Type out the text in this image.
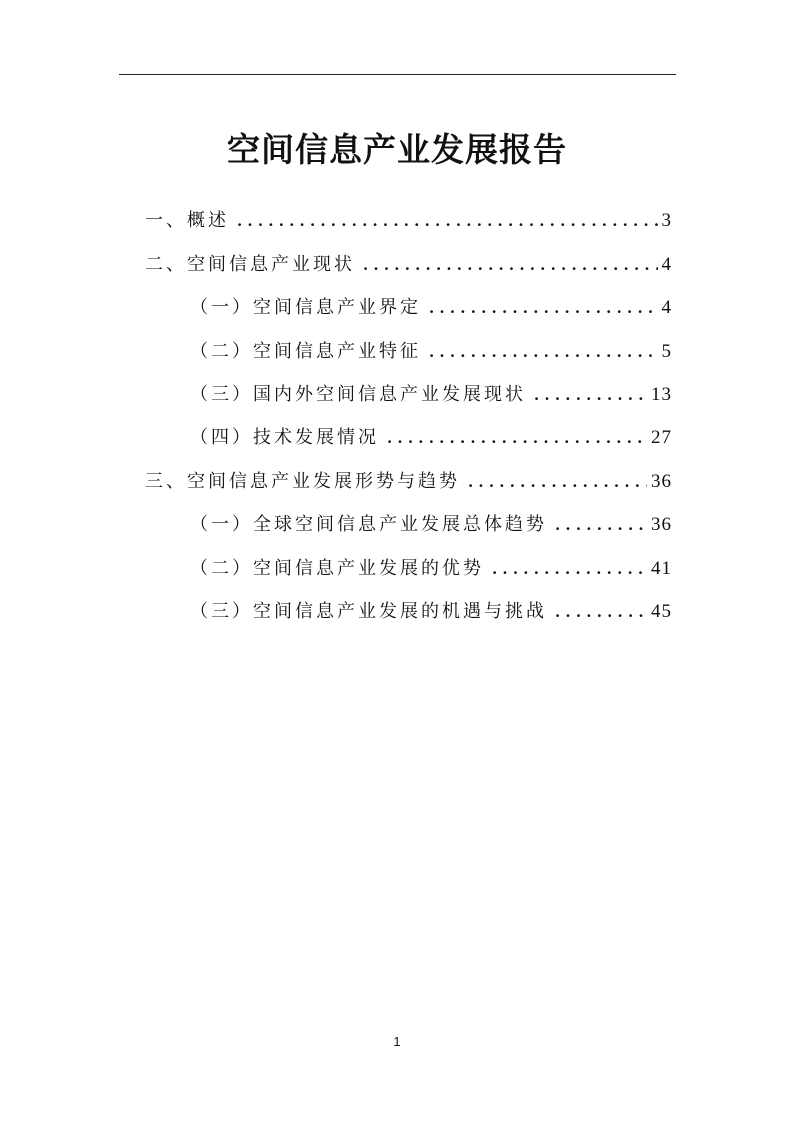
空间信息产业发展报告
一、概述 .....	3
二、空间信息产业现状 .....	4
（一）空间信息产业界定 .....	4
（二）空间信息产业特征 .....	5
（三）国内外空间信息产业发展现状 .....	13
（四）技术发展情况 .....	27
三、空间信息产业发展形势与趋势 .....	36
（一）全球空间信息产业发展总体趋势 .....	36
（二）空间信息产业发展的优势 .....	41
（三）空间信息产业发展的机遇与挑战 .....	45
1
